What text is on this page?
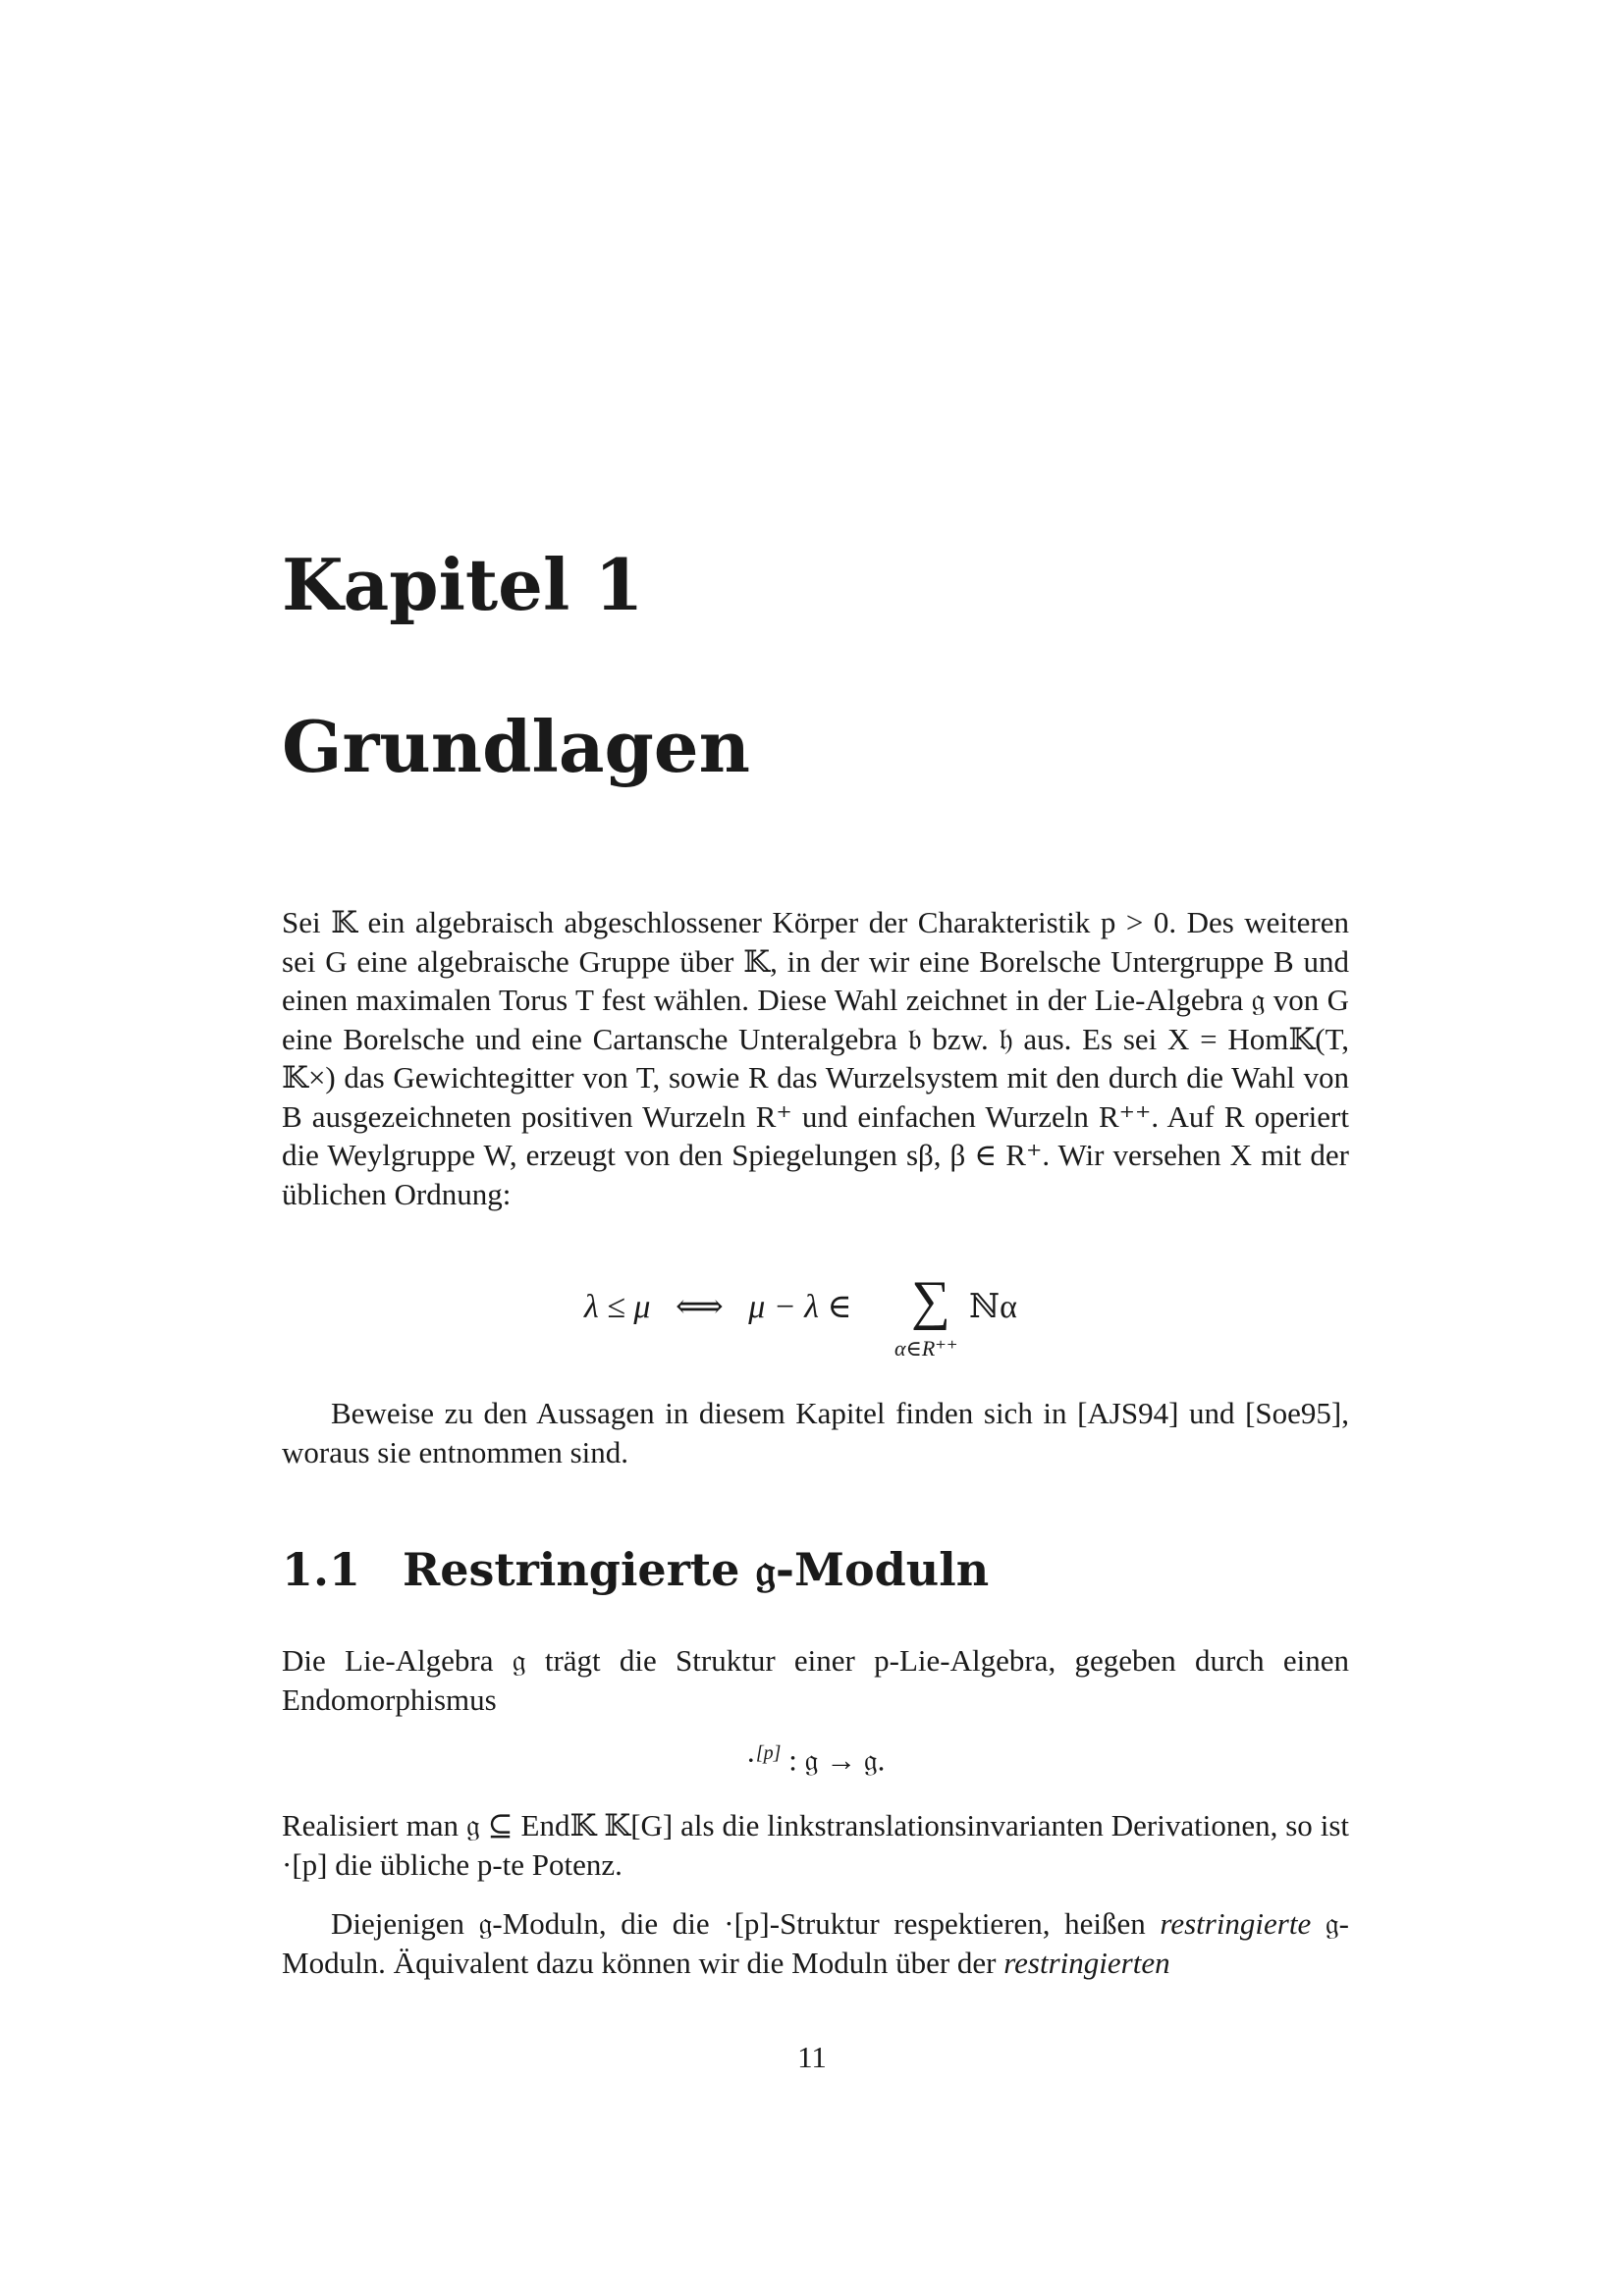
Kapitel 1
Grundlagen

Sei 𝕂 ein algebraisch abgeschlossener Körper der Charakteristik p > 0. Des weiteren sei G eine algebraische Gruppe über 𝕂, in der wir eine Borelsche Untergruppe B und einen maximalen Torus T fest wählen. Diese Wahl zeichnet in der Lie-Algebra 𝔤 von G eine Borelsche und eine Cartansche Unteralgebra 𝔟 bzw. 𝔥 aus. Es sei X = Hom𝕂(T, 𝕂×) das Gewichtegitter von T, sowie R das Wurzelsystem mit den durch die Wahl von B ausgezeichneten positiven Wurzeln R⁺ und einfachen Wurzeln R⁺⁺. Auf R operiert die Weylgruppe W, erzeugt von den Spiegelungen sβ, β ∈ R⁺. Wir versehen X mit der üblichen Ordnung:

λ ≤ μ ⟺ μ − λ ∈ ∑
α∈R⁺⁺
ℕα

Beweise zu den Aussagen in diesem Kapitel finden sich in [AJS94] und [Soe95], woraus sie entnommen sind.

1.1 Restringierte 𝔤-Moduln

Die Lie-Algebra 𝔤 trägt die Struktur einer p-Lie-Algebra, gegeben durch einen Endomorphismus

·[p] : 𝔤 → 𝔤.

Realisiert man 𝔤 ⊆ End𝕂 𝕂[G] als die linkstranslationsinvarianten Derivationen, so ist ·[p] die übliche p-te Potenz.

Diejenigen 𝔤-Moduln, die die ·[p]-Struktur respektieren, heißen restringierte 𝔤-Moduln. Äquivalent dazu können wir die Moduln über der restringierten

11
